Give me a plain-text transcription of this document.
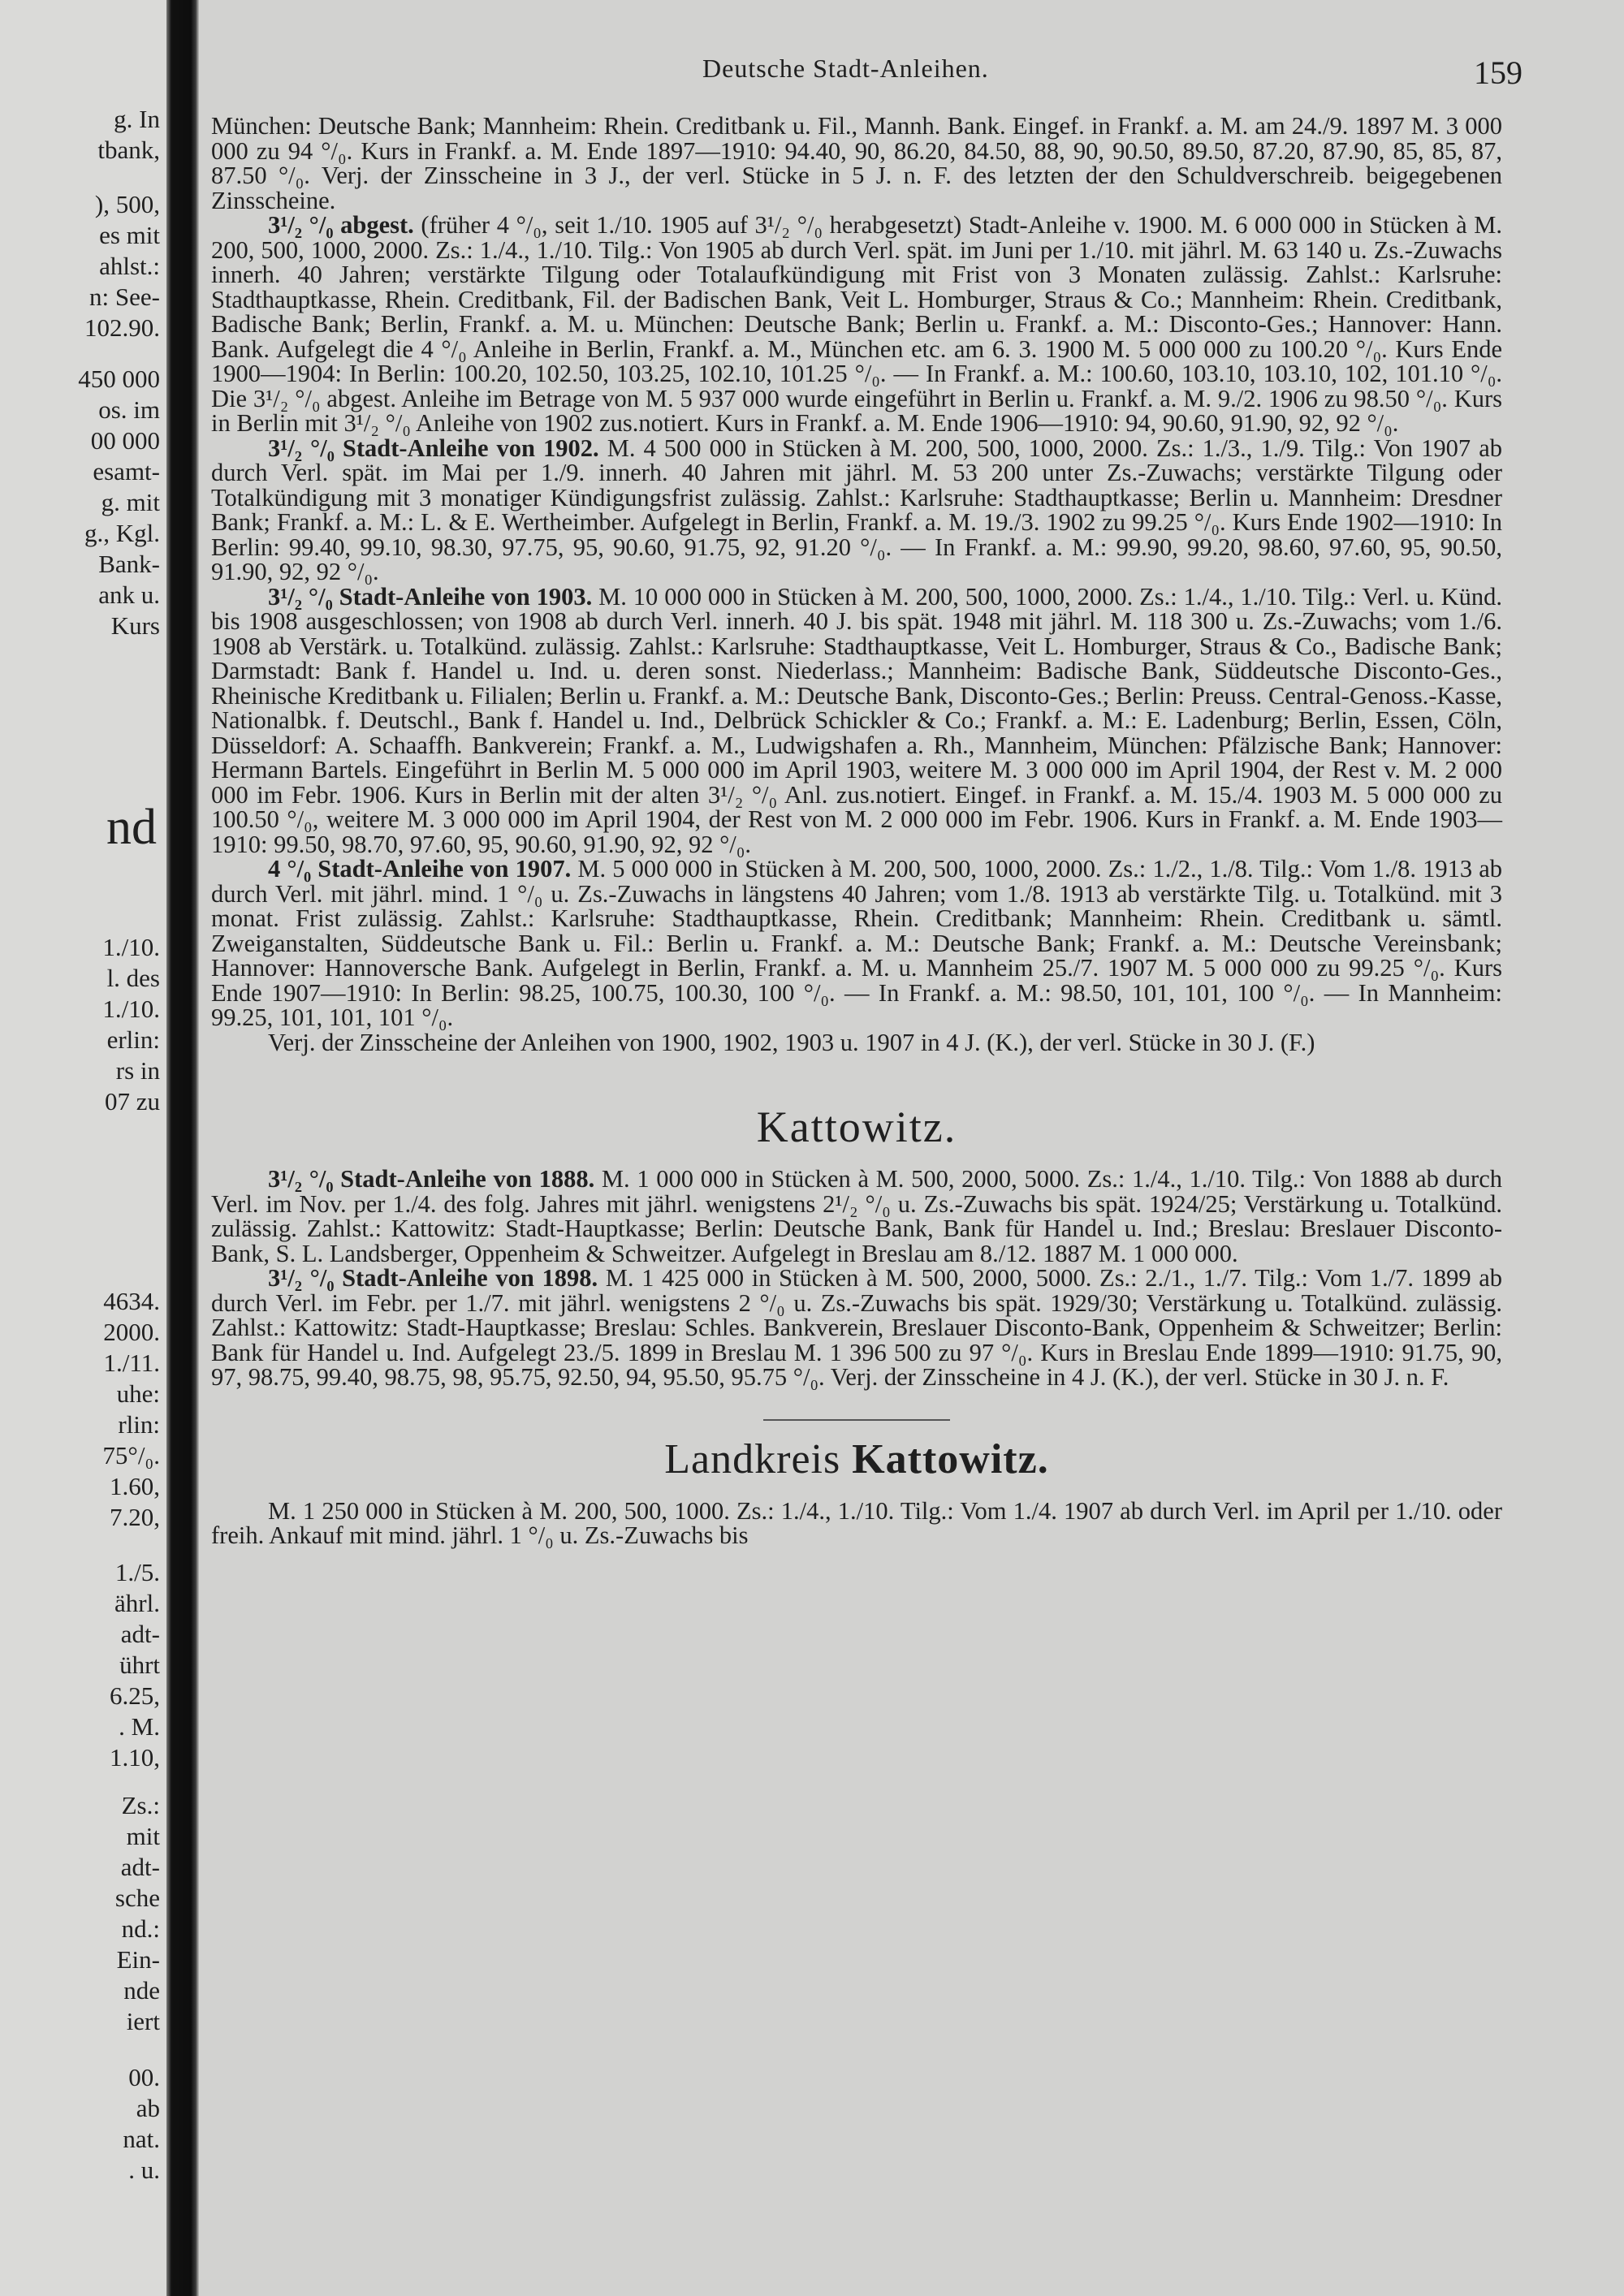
g. In
tbank,
), 500,
es mit
ahlst.:
n: See-
102.90.
450 000
os. im
00 000
esamt-
g. mit
g., Kgl.
Bank-
ank u.
Kurs
nd
1./10.
l. des
1./10.
erlin:
rs in
07 zu
4634.
2000.
1./11.
uhe:
rlin:
75°/₀.
1.60,
7.20,
1./5.
ährl.
adt-
ührt
6.25,
. M.
1.10,
Zs.:
mit
adt-
sche
nd.:
Ein-
nde
iert
00.
ab
nat.
. u.
Deutsche Stadt-Anleihen.	159

München: Deutsche Bank; Mannheim: Rhein. Creditbank u. Fil., Mannh. Bank. Eingef. in Frankf. a. M. am 24./9. 1897 M. 3 000 000 zu 94 °/₀. Kurs in Frankf. a. M. Ende 1897—1910: 94.40, 90, 86.20, 84.50, 88, 90, 90.50, 89.50, 87.20, 87.90, 85, 85, 87, 87.50 °/₀. Verj. der Zinsscheine in 3 J., der verl. Stücke in 5 J. n. F. des letzten der den Schuldverschreib. beigegebenen Zinsscheine.

3¹/₂ °/₀ abgest. (früher 4 °/₀, seit 1./10. 1905 auf 3¹/₂ °/₀ herabgesetzt) Stadt-Anleihe v. 1900. M. 6 000 000 in Stücken à M. 200, 500, 1000, 2000. Zs.: 1./4., 1./10. Tilg.: Von 1905 ab durch Verl. spät. im Juni per 1./10. mit jährl. M. 63 140 u. Zs.-Zuwachs innerh. 40 Jahren; verstärkte Tilgung oder Totalaufkündigung mit Frist von 3 Monaten zulässig. Zahlst.: Karlsruhe: Stadthauptkasse, Rhein. Creditbank, Fil. der Badischen Bank, Veit L. Homburger, Straus & Co.; Mannheim: Rhein. Creditbank, Badische Bank; Berlin, Frankf. a. M. u. München: Deutsche Bank; Berlin u. Frankf. a. M.: Disconto-Ges.; Hannover: Hann. Bank. Aufgelegt die 4 °/₀ Anleihe in Berlin, Frankf. a. M., München etc. am 6. 3. 1900 M. 5 000 000 zu 100.20 °/₀. Kurs Ende 1900—1904: In Berlin: 100.20, 102.50, 103.25, 102.10, 101.25 °/₀. — In Frankf. a. M.: 100.60, 103.10, 103.10, 102, 101.10 °/₀. Die 3¹/₂ °/₀ abgest. Anleihe im Betrage von M. 5 937 000 wurde eingeführt in Berlin u. Frankf. a. M. 9./2. 1906 zu 98.50 °/₀. Kurs in Berlin mit 3¹/₂ °/₀ Anleihe von 1902 zus.notiert. Kurs in Frankf. a. M. Ende 1906—1910: 94, 90.60, 91.90, 92, 92 °/₀.

3¹/₂ °/₀ Stadt-Anleihe von 1902. M. 4 500 000 in Stücken à M. 200, 500, 1000, 2000. Zs.: 1./3., 1./9. Tilg.: Von 1907 ab durch Verl. spät. im Mai per 1./9. innerh. 40 Jahren mit jährl. M. 53 200 unter Zs.-Zuwachs; verstärkte Tilgung oder Totalkündigung mit 3 monatiger Kündigungsfrist zulässig. Zahlst.: Karlsruhe: Stadthauptkasse; Berlin u. Mannheim: Dresdner Bank; Frankf. a. M.: L. & E. Wertheimber. Aufgelegt in Berlin, Frankf. a. M. 19./3. 1902 zu 99.25 °/₀. Kurs Ende 1902—1910: In Berlin: 99.40, 99.10, 98.30, 97.75, 95, 90.60, 91.75, 92, 91.20 °/₀. — In Frankf. a. M.: 99.90, 99.20, 98.60, 97.60, 95, 90.50, 91.90, 92, 92 °/₀.

3¹/₂ °/₀ Stadt-Anleihe von 1903. M. 10 000 000 in Stücken à M. 200, 500, 1000, 2000. Zs.: 1./4., 1./10. Tilg.: Verl. u. Künd. bis 1908 ausgeschlossen; von 1908 ab durch Verl. innerh. 40 J. bis spät. 1948 mit jährl. M. 118 300 u. Zs.-Zuwachs; vom 1./6. 1908 ab Verstärk. u. Totalkünd. zulässig. Zahlst.: Karlsruhe: Stadthauptkasse, Veit L. Homburger, Straus & Co., Badische Bank; Darmstadt: Bank f. Handel u. Ind. u. deren sonst. Niederlass.; Mannheim: Badische Bank, Süddeutsche Disconto-Ges., Rheinische Kreditbank u. Filialen; Berlin u. Frankf. a. M.: Deutsche Bank, Disconto-Ges.; Berlin: Preuss. Central-Genoss.-Kasse, Nationalbk. f. Deutschl., Bank f. Handel u. Ind., Delbrück Schickler & Co.; Frankf. a. M.: E. Ladenburg; Berlin, Essen, Cöln, Düsseldorf: A. Schaaffh. Bankverein; Frankf. a. M., Ludwigshafen a. Rh., Mannheim, München: Pfälzische Bank; Hannover: Hermann Bartels. Eingeführt in Berlin M. 5 000 000 im April 1903, weitere M. 3 000 000 im April 1904, der Rest v. M. 2 000 000 im Febr. 1906. Kurs in Berlin mit der alten 3¹/₂ °/₀ Anl. zus.notiert. Eingef. in Frankf. a. M. 15./4. 1903 M. 5 000 000 zu 100.50 °/₀, weitere M. 3 000 000 im April 1904, der Rest von M. 2 000 000 im Febr. 1906. Kurs in Frankf. a. M. Ende 1903—1910: 99.50, 98.70, 97.60, 95, 90.60, 91.90, 92, 92 °/₀.

4 °/₀ Stadt-Anleihe von 1907. M. 5 000 000 in Stücken à M. 200, 500, 1000, 2000. Zs.: 1./2., 1./8. Tilg.: Vom 1./8. 1913 ab durch Verl. mit jährl. mind. 1 °/₀ u. Zs.-Zuwachs in längstens 40 Jahren; vom 1./8. 1913 ab verstärkte Tilg. u. Totalkünd. mit 3 monat. Frist zulässig. Zahlst.: Karlsruhe: Stadthauptkasse, Rhein. Creditbank; Mannheim: Rhein. Creditbank u. sämtl. Zweiganstalten, Süddeutsche Bank u. Fil.: Berlin u. Frankf. a. M.: Deutsche Bank; Frankf. a. M.: Deutsche Vereinsbank; Hannover: Hannoversche Bank. Aufgelegt in Berlin, Frankf. a. M. u. Mannheim 25./7. 1907 M. 5 000 000 zu 99.25 °/₀. Kurs Ende 1907—1910: In Berlin: 98.25, 100.75, 100.30, 100 °/₀. — In Frankf. a. M.: 98.50, 101, 101, 100 °/₀. — In Mannheim: 99.25, 101, 101, 101 °/₀.

Verj. der Zinsscheine der Anleihen von 1900, 1902, 1903 u. 1907 in 4 J. (K.), der verl. Stücke in 30 J. (F.)

Kattowitz.

3¹/₂ °/₀ Stadt-Anleihe von 1888. M. 1 000 000 in Stücken à M. 500, 2000, 5000. Zs.: 1./4., 1./10. Tilg.: Von 1888 ab durch Verl. im Nov. per 1./4. des folg. Jahres mit jährl. wenigstens 2¹/₂ °/₀ u. Zs.-Zuwachs bis spät. 1924/25; Verstärkung u. Totalkünd. zulässig. Zahlst.: Kattowitz: Stadt-Hauptkasse; Berlin: Deutsche Bank, Bank für Handel u. Ind.; Breslau: Breslauer Disconto-Bank, S. L. Landsberger, Oppenheim & Schweitzer. Aufgelegt in Breslau am 8./12. 1887 M. 1 000 000.

3¹/₂ °/₀ Stadt-Anleihe von 1898. M. 1 425 000 in Stücken à M. 500, 2000, 5000. Zs.: 2./1., 1./7. Tilg.: Vom 1./7. 1899 ab durch Verl. im Febr. per 1./7. mit jährl. wenigstens 2 °/₀ u. Zs.-Zuwachs bis spät. 1929/30; Verstärkung u. Totalkünd. zulässig. Zahlst.: Kattowitz: Stadt-Hauptkasse; Breslau: Schles. Bankverein, Breslauer Disconto-Bank, Oppenheim & Schweitzer; Berlin: Bank für Handel u. Ind. Aufgelegt 23./5. 1899 in Breslau M. 1 396 500 zu 97 °/₀. Kurs in Breslau Ende 1899—1910: 91.75, 90, 97, 98.75, 99.40, 98.75, 98, 95.75, 92.50, 94, 95.50, 95.75 °/₀. Verj. der Zinsscheine in 4 J. (K.), der verl. Stücke in 30 J. n. F.

Landkreis Kattowitz.

M. 1 250 000 in Stücken à M. 200, 500, 1000. Zs.: 1./4., 1./10. Tilg.: Vom 1./4. 1907 ab durch Verl. im April per 1./10. oder freih. Ankauf mit mind. jährl. 1 °/₀ u. Zs.-Zuwachs bis
